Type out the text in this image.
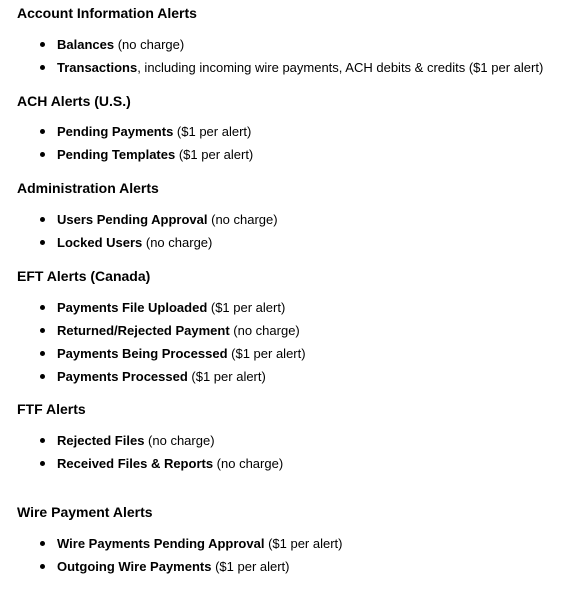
Account Information Alerts
Balances (no charge)
Transactions, including incoming wire payments, ACH debits & credits ($1 per alert)
ACH Alerts (U.S.)
Pending Payments ($1 per alert)
Pending Templates ($1 per alert)
Administration Alerts
Users Pending Approval (no charge)
Locked Users (no charge)
EFT Alerts (Canada)
Payments File Uploaded ($1 per alert)
Returned/Rejected Payment (no charge)
Payments Being Processed ($1 per alert)
Payments Processed ($1 per alert)
FTF Alerts
Rejected Files (no charge)
Received Files & Reports (no charge)
Wire Payment Alerts
Wire Payments Pending Approval ($1 per alert)
Outgoing Wire Payments ($1 per alert)
